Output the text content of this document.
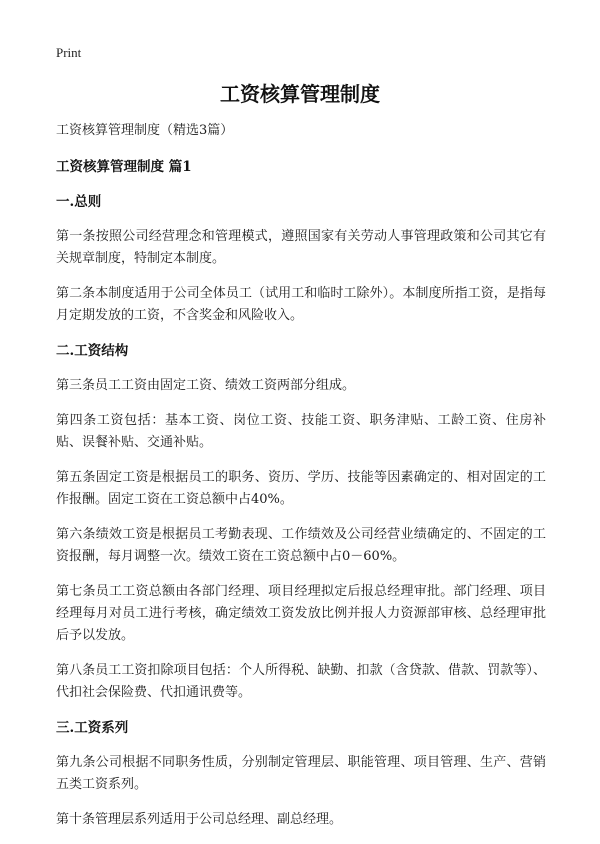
Print
工资核算管理制度

工资核算管理制度（精选3篇）

工资核算管理制度 篇1

一.总则

第一条按照公司经营理念和管理模式，遵照国家有关劳动人事管理政策和公司其它有关规章制度，特制定本制度。

第二条本制度适用于公司全体员工（试用工和临时工除外）。本制度所指工资，是指每月定期发放的工资，不含奖金和风险收入。

二.工资结构

第三条员工工资由固定工资、绩效工资两部分组成。

第四条工资包括：基本工资、岗位工资、技能工资、职务津贴、工龄工资、住房补贴、误餐补贴、交通补贴。

第五条固定工资是根据员工的职务、资历、学历、技能等因素确定的、相对固定的工作报酬。固定工资在工资总额中占40%。

第六条绩效工资是根据员工考勤表现、工作绩效及公司经营业绩确定的、不固定的工资报酬，每月调整一次。绩效工资在工资总额中占0－60%。

第七条员工工资总额由各部门经理、项目经理拟定后报总经理审批。部门经理、项目经理每月对员工进行考核，确定绩效工资发放比例并报人力资源部审核、总经理审批后予以发放。

第八条员工工资扣除项目包括：个人所得税、缺勤、扣款（含贷款、借款、罚款等）、代扣社会保险费、代扣通讯费等。

三.工资系列

第九条公司根据不同职务性质，分别制定管理层、职能管理、项目管理、生产、营销五类工资系列。

第十条管理层系列适用于公司总经理、副总经理。
